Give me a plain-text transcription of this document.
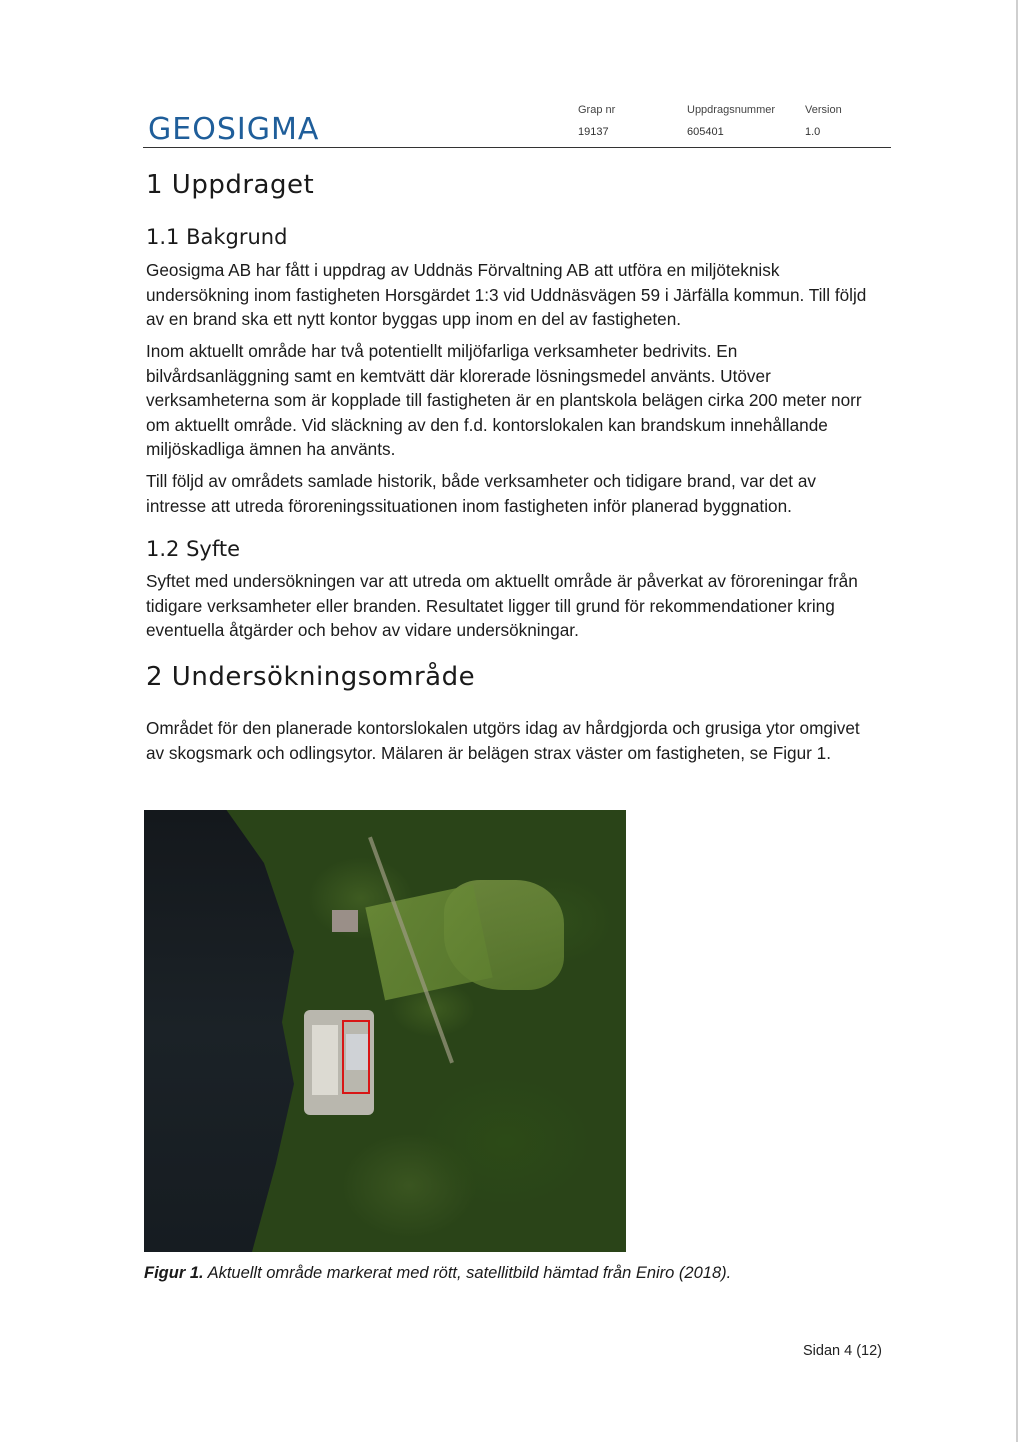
GEOSIGMA
Grap nr
19137
Uppdragsnummer
605401
Version
1.0
1 Uppdraget
1.1 Bakgrund

Geosigma AB har fått i uppdrag av Uddnäs Förvaltning AB att utföra en miljöteknisk undersökning inom fastigheten Horsgärdet 1:3 vid Uddnäsvägen 59 i Järfälla kommun. Till följd av en brand ska ett nytt kontor byggas upp inom en del av fastigheten.

Inom aktuellt område har två potentiellt miljöfarliga verksamheter bedrivits. En bilvårdsanläggning samt en kemtvätt där klorerade lösningsmedel använts. Utöver verksamheterna som är kopplade till fastigheten är en plantskola belägen cirka 200 meter norr om aktuellt område. Vid släckning av den f.d. kontorslokalen kan brandskum innehållande miljöskadliga ämnen ha använts.

Till följd av områdets samlade historik, både verksamheter och tidigare brand, var det av intresse att utreda föroreningssituationen inom fastigheten inför planerad byggnation.

1.2 Syfte

Syftet med undersökningen var att utreda om aktuellt område är påverkat av föroreningar från tidigare verksamheter eller branden. Resultatet ligger till grund för rekommendationer kring eventuella åtgärder och behov av vidare undersökningar.

2 Undersökningsområde

Området för den planerade kontorslokalen utgörs idag av hårdgjorda och grusiga ytor omgivet av skogsmark och odlingsytor. Mälaren är belägen strax väster om fastigheten, se Figur 1.

Figur 1. Aktuellt område markerat med rött, satellitbild hämtad från Eniro (2018).
Sidan 4 (12)
